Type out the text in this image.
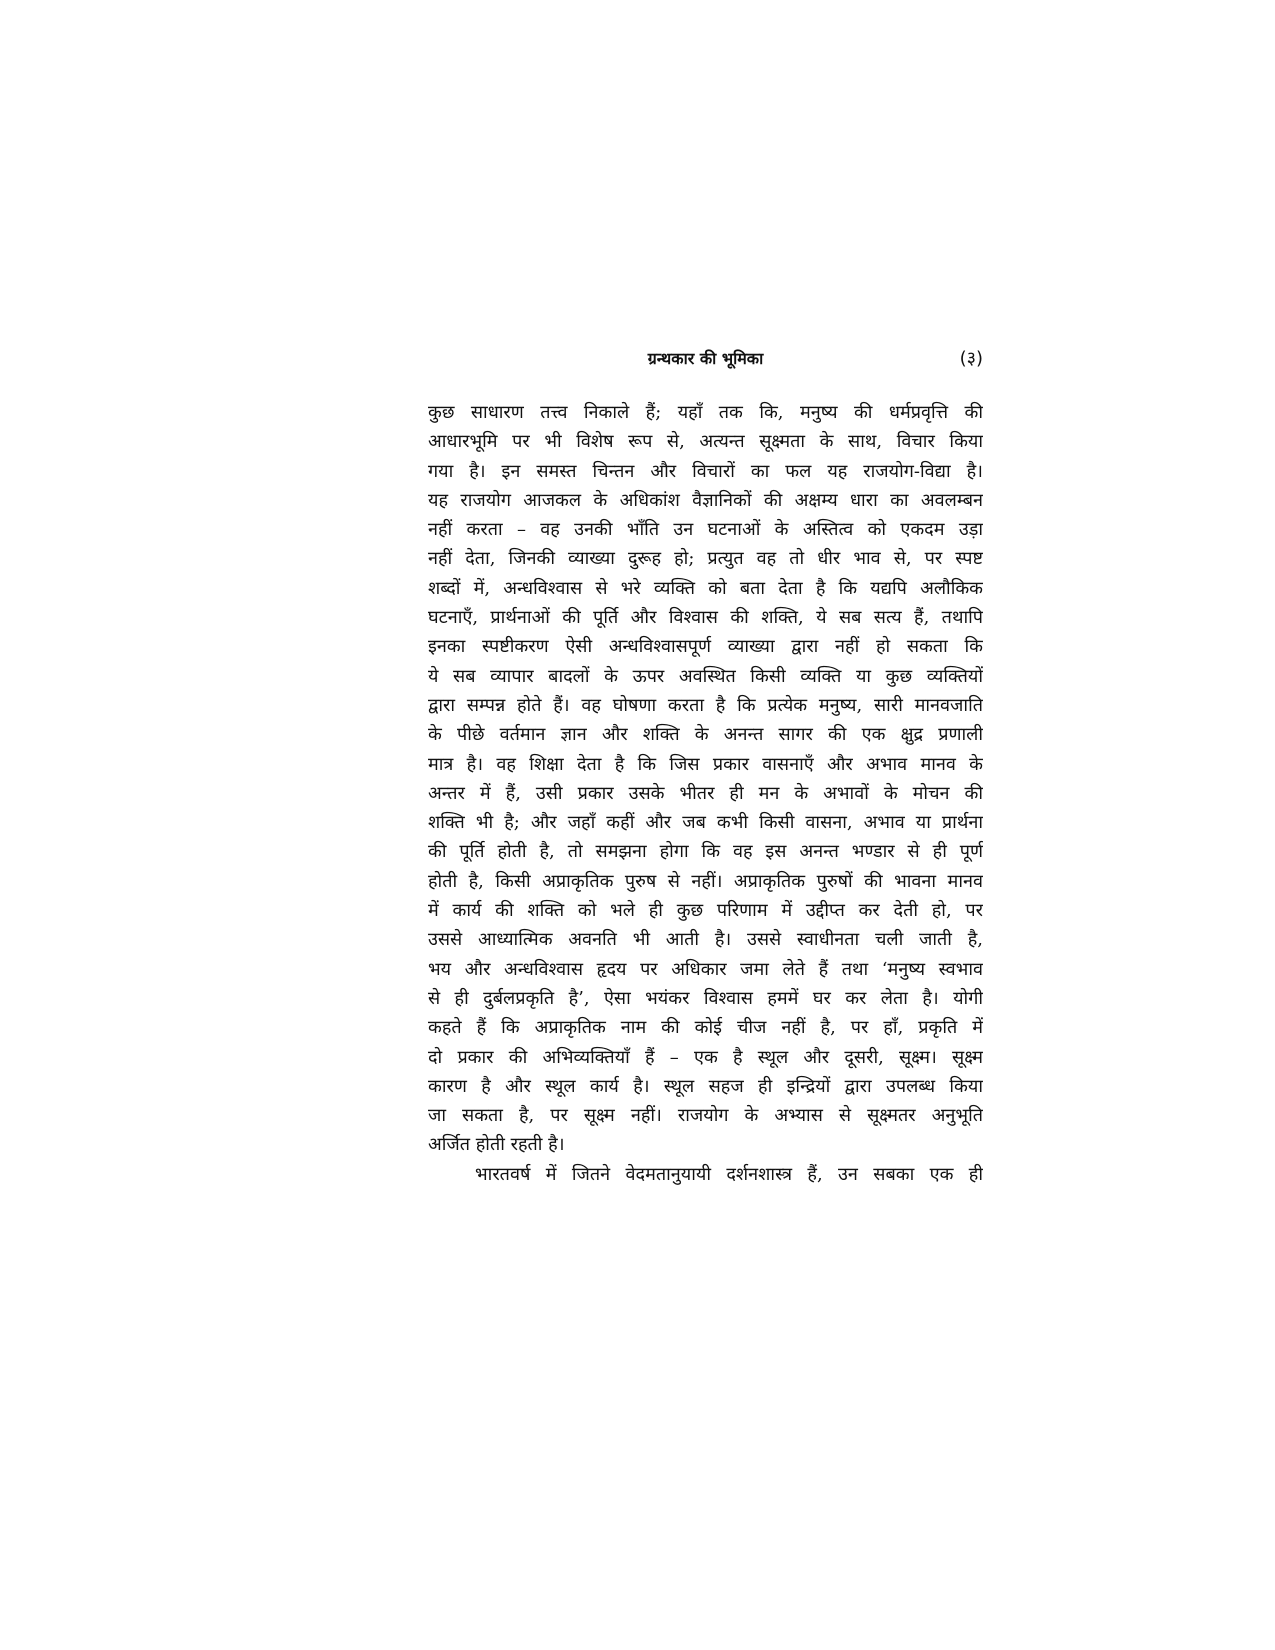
ग्रन्थकार की भूमिका	(३)
कुछ साधारण तत्त्व निकाले हैं; यहाँ तक कि, मनुष्य की धर्मप्रवृत्ति की
आधारभूमि पर भी विशेष रूप से, अत्यन्त सूक्ष्मता के साथ, विचार किया
गया है। इन समस्त चिन्तन और विचारों का फल यह राजयोग-विद्या है।
यह राजयोग आजकल के अधिकांश वैज्ञानिकों की अक्षम्य धारा का अवलम्बन
नहीं करता – वह उनकी भाँति उन घटनाओं के अस्तित्व को एकदम उड़ा
नहीं देता, जिनकी व्याख्या दुरूह हो; प्रत्युत वह तो धीर भाव से, पर स्पष्ट
शब्दों में, अन्धविश्वास से भरे व्यक्ति को बता देता है कि यद्यपि अलौकिक
घटनाएँ, प्रार्थनाओं की पूर्ति और विश्वास की शक्ति, ये सब सत्य हैं, तथापि
इनका स्पष्टीकरण ऐसी अन्धविश्वासपूर्ण व्याख्या द्वारा नहीं हो सकता कि
ये सब व्यापार बादलों के ऊपर अवस्थित किसी व्यक्ति या कुछ व्यक्तियों
द्वारा सम्पन्न होते हैं। वह घोषणा करता है कि प्रत्येक मनुष्य, सारी मानवजाति
के पीछे वर्तमान ज्ञान और शक्ति के अनन्त सागर की एक क्षुद्र प्रणाली
मात्र है। वह शिक्षा देता है कि जिस प्रकार वासनाएँ और अभाव मानव के
अन्तर में हैं, उसी प्रकार उसके भीतर ही मन के अभावों के मोचन की
शक्ति भी है; और जहाँ कहीं और जब कभी किसी वासना, अभाव या प्रार्थना
की पूर्ति होती है, तो समझना होगा कि वह इस अनन्त भण्डार से ही पूर्ण
होती है, किसी अप्राकृतिक पुरुष से नहीं। अप्राकृतिक पुरुषों की भावना मानव
में कार्य की शक्ति को भले ही कुछ परिणाम में उद्दीप्त कर देती हो, पर
उससे आध्यात्मिक अवनति भी आती है। उससे स्वाधीनता चली जाती है,
भय और अन्धविश्वास हृदय पर अधिकार जमा लेते हैं तथा ‘मनुष्य स्वभाव
से ही दुर्बलप्रकृति है’, ऐसा भयंकर विश्वास हममें घर कर लेता है। योगी
कहते हैं कि अप्राकृतिक नाम की कोई चीज नहीं है, पर हाँ, प्रकृति में
दो प्रकार की अभिव्यक्तियाँ हैं – एक है स्थूल और दूसरी, सूक्ष्म। सूक्ष्म
कारण है और स्थूल कार्य है। स्थूल सहज ही इन्द्रियों द्वारा उपलब्ध किया
जा सकता है, पर सूक्ष्म नहीं। राजयोग के अभ्यास से सूक्ष्मतर अनुभूति
अर्जित होती रहती है।
भारतवर्ष में जितने वेदमतानुयायी दर्शनशास्त्र हैं, उन सबका एक ही
